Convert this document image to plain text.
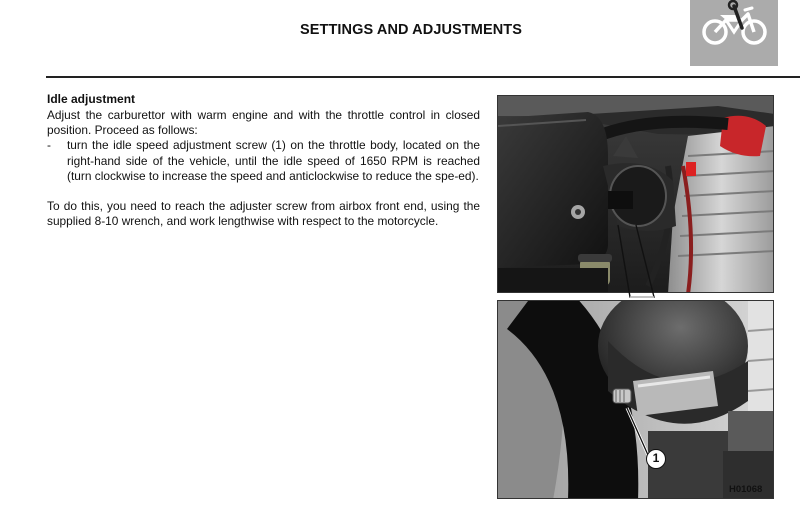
SETTINGS AND ADJUSTMENTS
Idle adjustment

Adjust the carburettor with warm engine and with the throttle control in closed position. Proceed as follows:

- turn the idle speed adjustment screw (1) on the throttle body, located on the right-hand side of the vehicle, until the idle speed of 1650 RPM is reached (turn clockwise to increase the speed and anticlockwise to reduce the spe-ed).

To do this, you need to reach the adjuster screw from airbox front end, using the supplied 8-10 wrench, and work lengthwise with respect to the motorcycle.

1
H01068
